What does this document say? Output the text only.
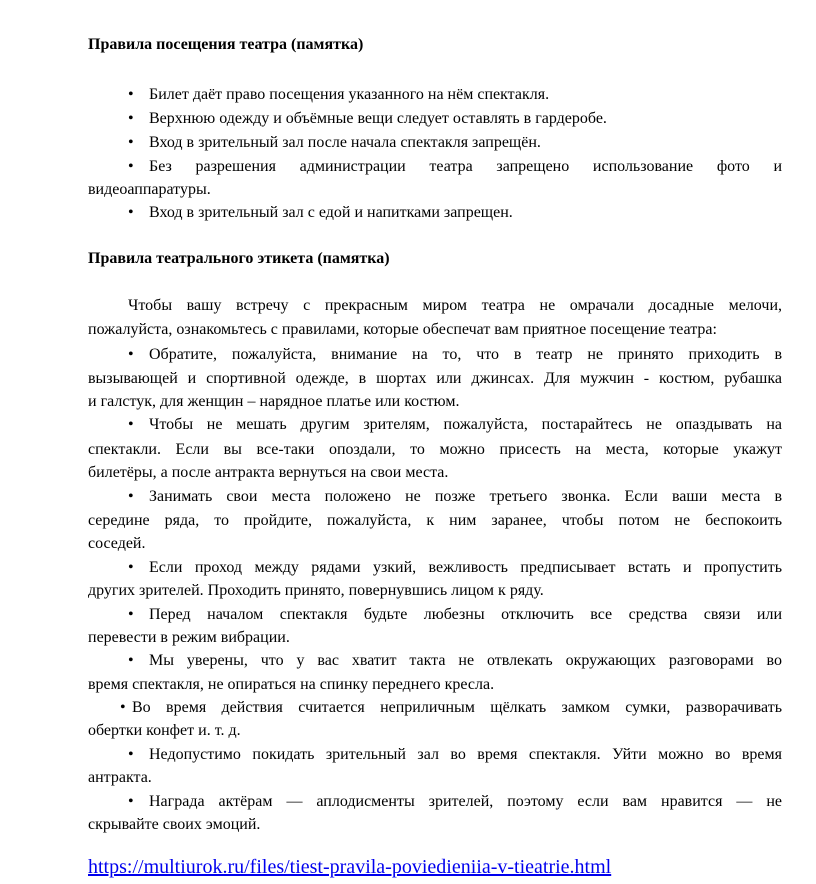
Правила посещения театра (памятка)
• Билет даёт право посещения указанного на нём спектакля.
• Верхнюю одежду и объёмные вещи следует оставлять в гардеробе.
• Вход в зрительный зал после начала спектакля запрещён.
• Без разрешения администрации театра запрещено использование фото и
видеоаппаратуры.
• Вход в зрительный зал с едой и напитками запрещен.
Правила театрального этикета (памятка)
Чтобы вашу встречу с прекрасным миром театра не омрачали досадные мелочи,
пожалуйста, ознакомьтесь с правилами, которые обеспечат вам приятное посещение театра:
• Обратите, пожалуйста, внимание на то, что в театр не принято приходить в
вызывающей и спортивной одежде, в шортах или джинсах. Для мужчин - костюм, рубашка
и галстук, для женщин – нарядное платье или костюм.
• Чтобы не мешать другим зрителям, пожалуйста, постарайтесь не опаздывать на
спектакли. Если вы все-таки опоздали, то можно присесть на места, которые укажут
билетёры, а после антракта вернуться на свои места.
• Занимать свои места положено не позже третьего звонка. Если ваши места в
середине ряда, то пройдите, пожалуйста, к ним заранее, чтобы потом не беспокоить
соседей.
• Если проход между рядами узкий, вежливость предписывает встать и пропустить
других зрителей. Проходить принято, повернувшись лицом к ряду.
• Перед началом спектакля будьте любезны отключить все средства связи или
перевести в режим вибрации.
• Мы уверены, что у вас хватит такта не отвлекать окружающих разговорами во
время спектакля, не опираться на спинку переднего кресла.
• Во время действия считается неприличным щёлкать замком сумки, разворачивать
обертки конфет и. т. д.
• Недопустимо покидать зрительный зал во время спектакля. Уйти можно во время
антракта.
• Награда актёрам — аплодисменты зрителей, поэтому если вам нравится — не
скрывайте своих эмоций.
https://multiurok.ru/files/tiest-pravila-poviedieniia-v-tieatrie.html
